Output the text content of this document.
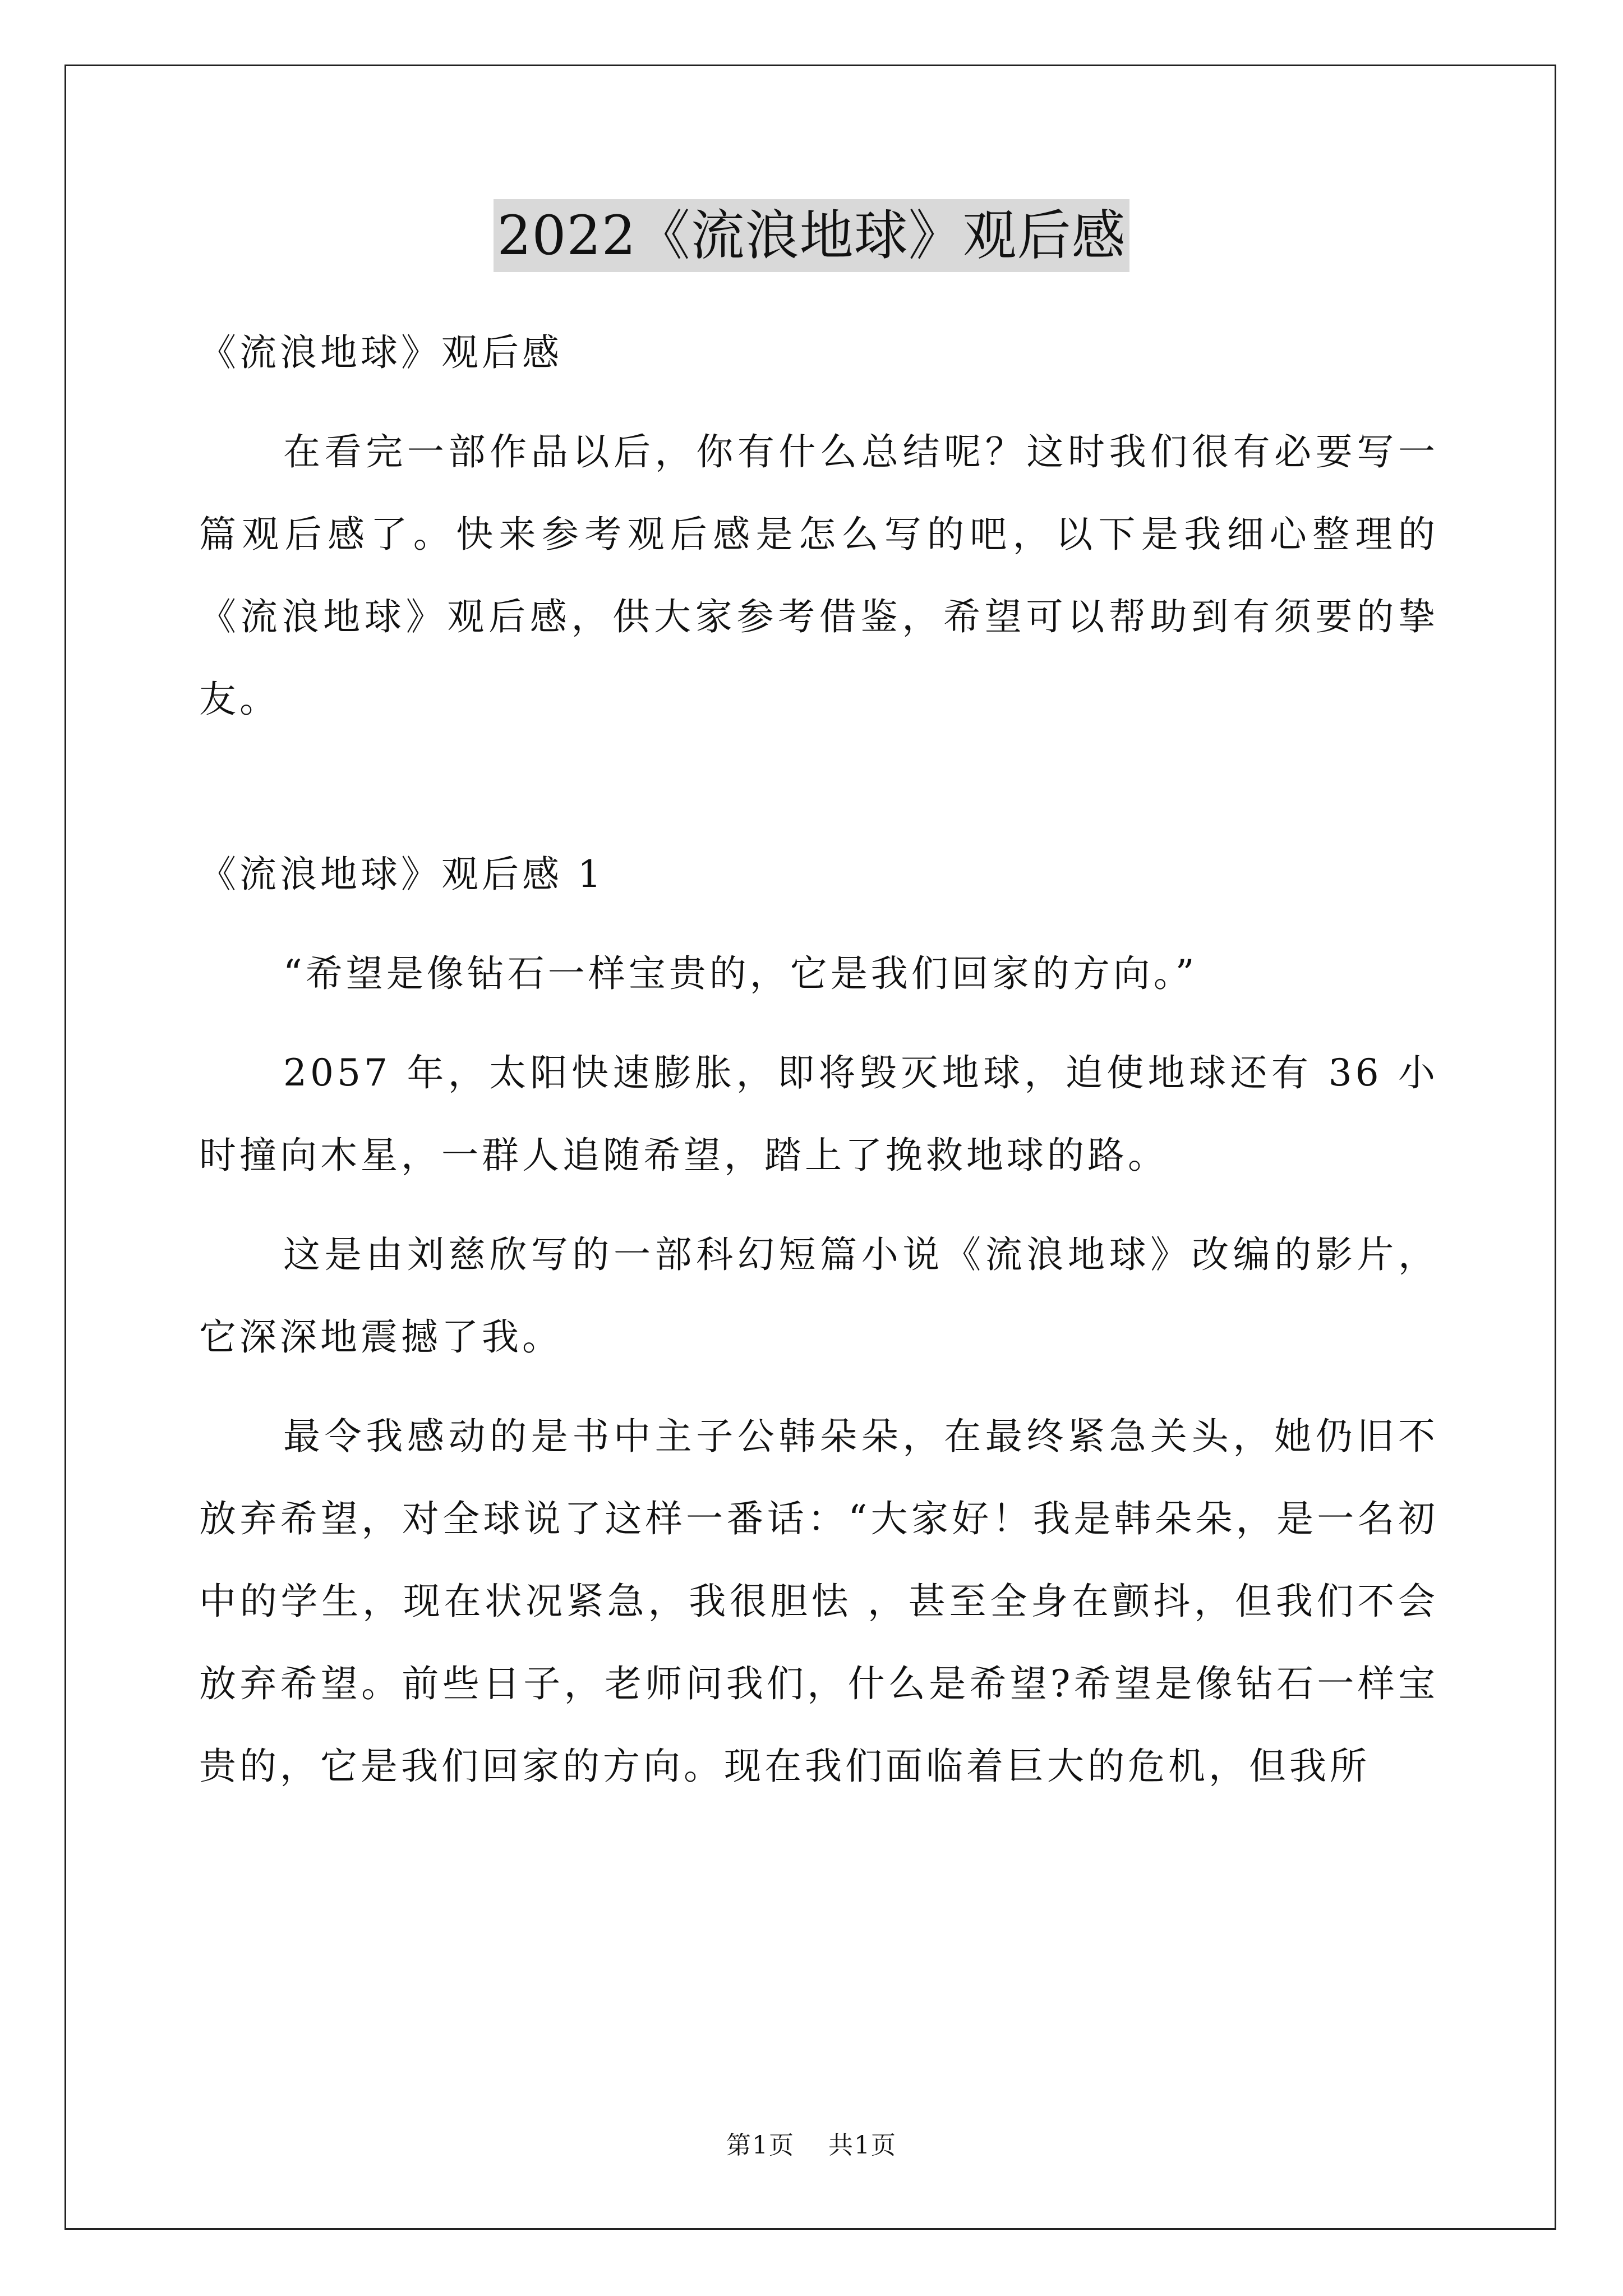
2022《流浪地球》观后感

《流浪地球》观后感

在看完一部作品以后，你有什么总结呢？这时我们很有必要写一篇观后感了。快来参考观后感是怎么写的吧，以下是我细心整理的《流浪地球》观后感，供大家参考借鉴，希望可以帮助到有须要的挚友。

《流浪地球》观后感 1

“希望是像钻石一样宝贵的，它是我们回家的方向。”

2057 年，太阳快速膨胀，即将毁灭地球，迫使地球还有 36 小时撞向木星，一群人追随希望，踏上了挽救地球的路。

这是由刘慈欣写的一部科幻短篇小说《流浪地球》改编的影片，它深深地震撼了我。

最令我感动的是书中主子公韩朵朵，在最终紧急关头，她仍旧不放弃希望，对全球说了这样一番话：“大家好！我是韩朵朵，是一名初中的学生，现在状况紧急，我很胆怯 ，甚至全身在颤抖，但我们不会放弃希望。前些日子，老师问我们，什么是希望?希望是像钻石一样宝贵的，它是我们回家的方向。现在我们面临着巨大的危机，但我所

第1页 共1页
